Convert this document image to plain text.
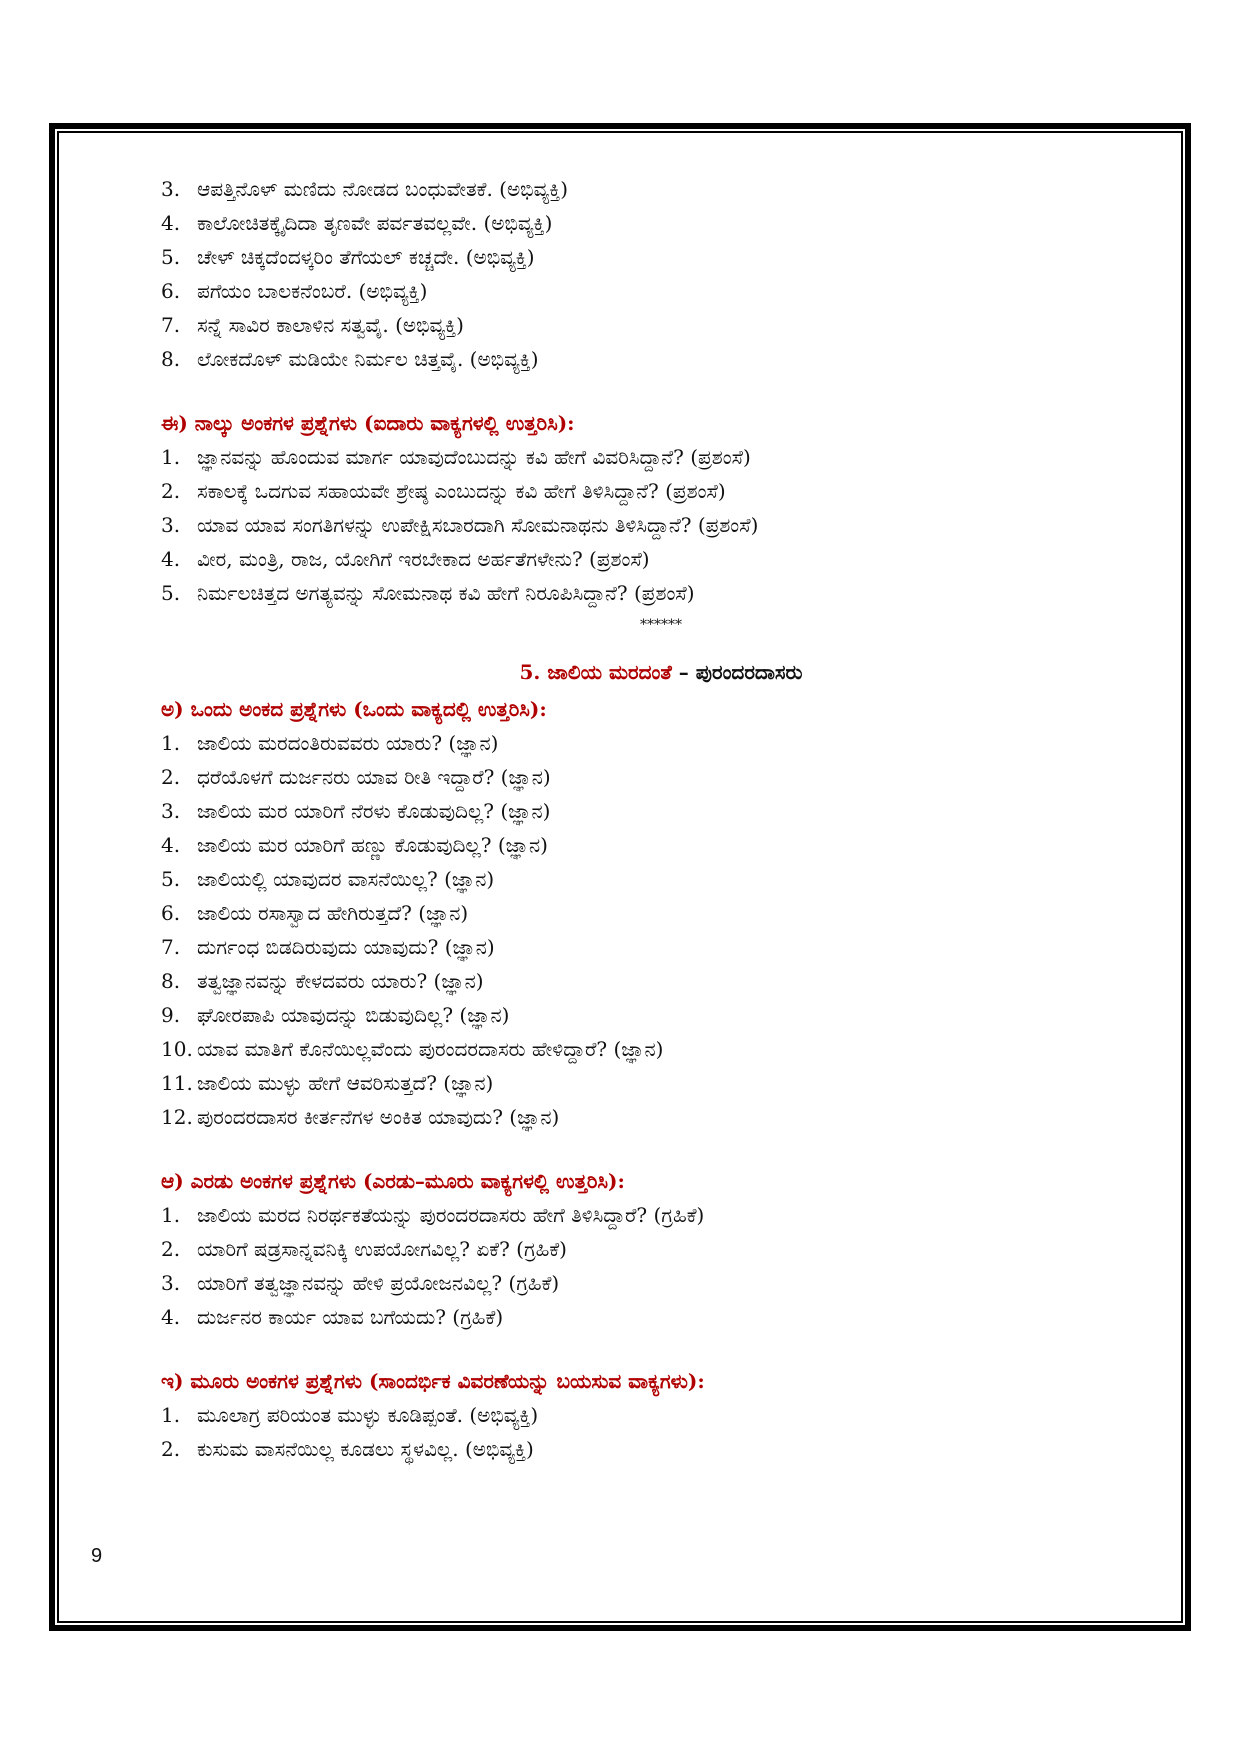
3. ಆಪತ್ತಿನೊಳ್ ಮಣಿದು ನೋಡದ ಬಂಧುವೇತಕೆ. (ಅಭಿವ್ಯಕ್ತಿ)
4. ಕಾಲೋಚಿತಕ್ಕೈದಿದಾ ತೃಣವೇ ಪರ್ವತವಲ್ಲವೇ. (ಅಭಿವ್ಯಕ್ತಿ)
5. ಚೇಳ್ ಚಿಕ್ಕದೆಂದಳ್ಕರಿಂ ತೆಗೆಯಲ್ ಕಚ್ಚದೇ. (ಅಭಿವ್ಯಕ್ತಿ)
6. ಪಗೆಯಂ ಬಾಲಕನೆಂಬರೆ. (ಅಭಿವ್ಯಕ್ತಿ)
7. ಸನ್ನೆ ಸಾವಿರ ಕಾಲಾಳಿನ ಸತ್ವವೈ. (ಅಭಿವ್ಯಕ್ತಿ)
8. ಲೋಕದೊಳ್ ಮಡಿಯೇ ನಿರ್ಮಲ ಚಿತ್ತವೈ. (ಅಭಿವ್ಯಕ್ತಿ)
ಈ) ನಾಲ್ಕು ಅಂಕಗಳ ಪ್ರಶ್ನೆಗಳು (ಐದಾರು ವಾಕ್ಯಗಳಲ್ಲಿ ಉತ್ತರಿಸಿ):
1. ಜ್ಞಾನವನ್ನು ಹೊಂದುವ ಮಾರ್ಗ ಯಾವುದೆಂಬುದನ್ನು ಕವಿ ಹೇಗೆ ವಿವರಿಸಿದ್ದಾನೆ? (ಪ್ರಶಂಸೆ)
2. ಸಕಾಲಕ್ಕೆ ಒದಗುವ ಸಹಾಯವೇ ಶ್ರೇಷ್ಠ ಎಂಬುದನ್ನು ಕವಿ ಹೇಗೆ ತಿಳಿಸಿದ್ದಾನೆ? (ಪ್ರಶಂಸೆ)
3. ಯಾವ ಯಾವ ಸಂಗತಿಗಳನ್ನು ಉಪೇಕ್ಷಿಸಬಾರದಾಗಿ ಸೋಮನಾಥನು ತಿಳಿಸಿದ್ದಾನೆ? (ಪ್ರಶಂಸೆ)
4. ವೀರ, ಮಂತ್ರಿ, ರಾಜ, ಯೋಗಿಗೆ ಇರಬೇಕಾದ ಅರ್ಹತೆಗಳೇನು? (ಪ್ರಶಂಸೆ)
5. ನಿರ್ಮಲಚಿತ್ತದ ಅಗತ್ಯವನ್ನು ಸೋಮನಾಥ ಕವಿ ಹೇಗೆ ನಿರೂಪಿಸಿದ್ದಾನೆ? (ಪ್ರಶಂಸೆ)
******
5. ಜಾಲಿಯ ಮರದಂತೆ – ಪುರಂದರದಾಸರು
ಅ) ಒಂದು ಅಂಕದ ಪ್ರಶ್ನೆಗಳು (ಒಂದು ವಾಕ್ಯದಲ್ಲಿ ಉತ್ತರಿಸಿ):
1. ಜಾಲಿಯ ಮರದಂತಿರುವವರು ಯಾರು? (ಜ್ಞಾನ)
2. ಧರೆಯೊಳಗೆ ದುರ್ಜನರು ಯಾವ ರೀತಿ ಇದ್ದಾರೆ? (ಜ್ಞಾನ)
3. ಜಾಲಿಯ ಮರ ಯಾರಿಗೆ ನೆರಳು ಕೊಡುವುದಿಲ್ಲ? (ಜ್ಞಾನ)
4. ಜಾಲಿಯ ಮರ ಯಾರಿಗೆ ಹಣ್ಣು ಕೊಡುವುದಿಲ್ಲ? (ಜ್ಞಾನ)
5. ಜಾಲಿಯಲ್ಲಿ ಯಾವುದರ ವಾಸನೆಯಿಲ್ಲ? (ಜ್ಞಾನ)
6. ಜಾಲಿಯ ರಸಾಸ್ವಾದ ಹೇಗಿರುತ್ತದೆ? (ಜ್ಞಾನ)
7. ದುರ್ಗಂಧ ಬಿಡದಿರುವುದು ಯಾವುದು? (ಜ್ಞಾನ)
8. ತತ್ವಜ್ಞಾನವನ್ನು ಕೇಳದವರು ಯಾರು? (ಜ್ಞಾನ)
9. ಘೋರಪಾಪಿ ಯಾವುದನ್ನು ಬಿಡುವುದಿಲ್ಲ? (ಜ್ಞಾನ)
10. ಯಾವ ಮಾತಿಗೆ ಕೊನೆಯಿಲ್ಲವೆಂದು ಪುರಂದರದಾಸರು ಹೇಳಿದ್ದಾರೆ? (ಜ್ಞಾನ)
11. ಜಾಲಿಯ ಮುಳ್ಳು ಹೇಗೆ ಆವರಿಸುತ್ತದೆ? (ಜ್ಞಾನ)
12. ಪುರಂದರದಾಸರ ಕೀರ್ತನೆಗಳ ಅಂಕಿತ ಯಾವುದು? (ಜ್ಞಾನ)
ಆ) ಎರಡು ಅಂಕಗಳ ಪ್ರಶ್ನೆಗಳು (ಎರಡು–ಮೂರು ವಾಕ್ಯಗಳಲ್ಲಿ ಉತ್ತರಿಸಿ):
1. ಜಾಲಿಯ ಮರದ ನಿರರ್ಥಕತೆಯನ್ನು ಪುರಂದರದಾಸರು ಹೇಗೆ ತಿಳಿಸಿದ್ದಾರೆ? (ಗ್ರಹಿಕೆ)
2. ಯಾರಿಗೆ ಷಡ್ರಸಾನ್ನವನಿಕ್ಕಿ ಉಪಯೋಗವಿಲ್ಲ? ಏಕೆ? (ಗ್ರಹಿಕೆ)
3. ಯಾರಿಗೆ ತತ್ವಜ್ಞಾನವನ್ನು ಹೇಳಿ ಪ್ರಯೋಜನವಿಲ್ಲ? (ಗ್ರಹಿಕೆ)
4. ದುರ್ಜನರ ಕಾರ್ಯ ಯಾವ ಬಗೆಯದು? (ಗ್ರಹಿಕೆ)
ಇ) ಮೂರು ಅಂಕಗಳ ಪ್ರಶ್ನೆಗಳು (ಸಾಂದರ್ಭಿಕ ವಿವರಣೆಯನ್ನು ಬಯಸುವ ವಾಕ್ಯಗಳು):
1. ಮೂಲಾಗ್ರ ಪರಿಯಂತ ಮುಳ್ಳು ಕೂಡಿಪ್ಪಂತೆ. (ಅಭಿವ್ಯಕ್ತಿ)
2. ಕುಸುಮ ವಾಸನೆಯಿಲ್ಲ ಕೂಡಲು ಸ್ಥಳವಿಲ್ಲ. (ಅಭಿವ್ಯಕ್ತಿ)
9
